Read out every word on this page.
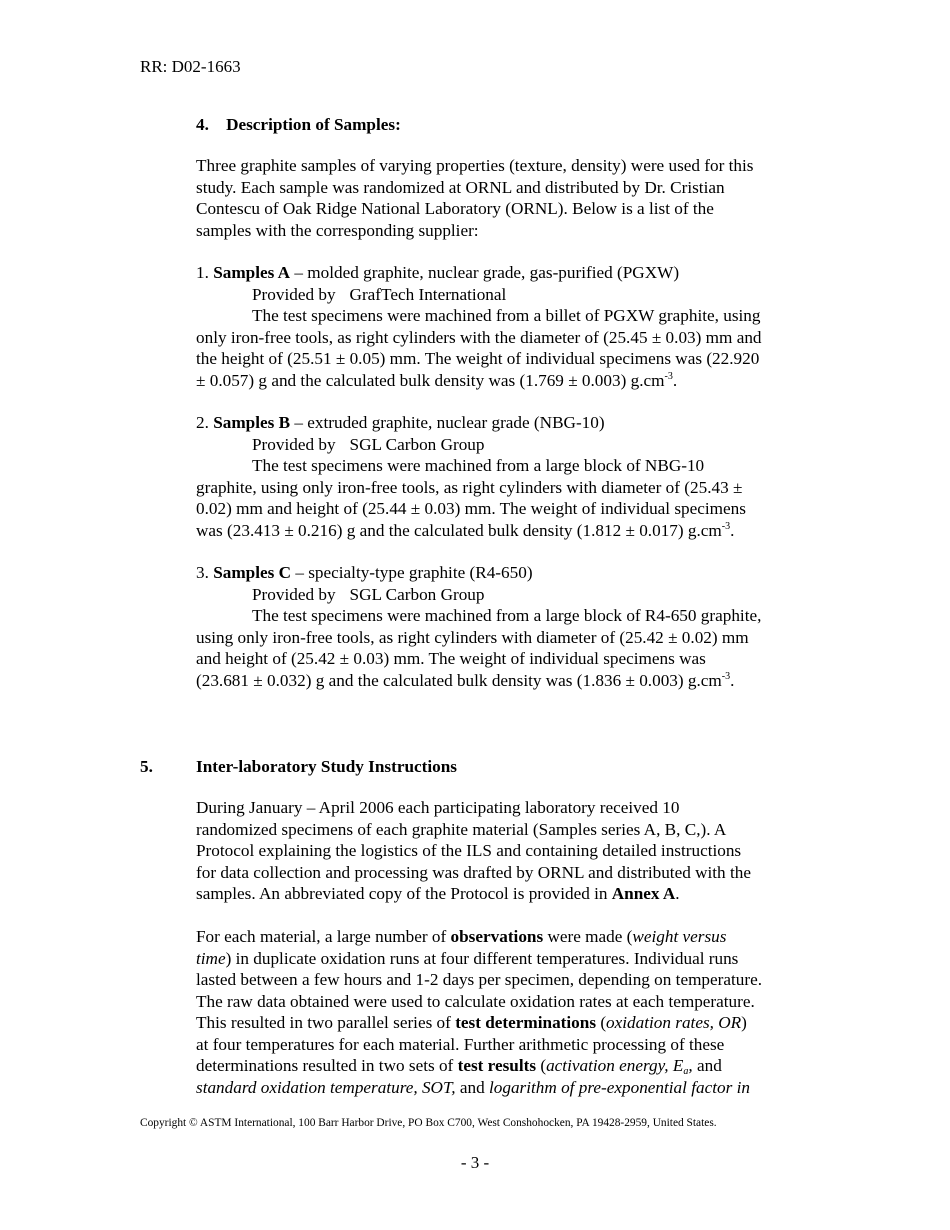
RR: D02-1663
4. Description of Samples:
Three graphite samples of varying properties (texture, density) were used for this
study. Each sample was randomized at ORNL and distributed by Dr. Cristian
Contescu of Oak Ridge National Laboratory (ORNL). Below is a list of the
samples with the corresponding supplier:
1. Samples A – molded graphite, nuclear grade, gas-purified (PGXW)
Provided by GrafTech International
The test specimens were machined from a billet of PGXW graphite, using
only iron-free tools, as right cylinders with the diameter of (25.45 ± 0.03) mm and
the height of (25.51 ± 0.05) mm. The weight of individual specimens was (22.920
± 0.057) g and the calculated bulk density was (1.769 ± 0.003) $g.cm^{-3}$.
2. Samples B – extruded graphite, nuclear grade (NBG-10)
Provided by SGL Carbon Group
The test specimens were machined from a large block of NBG-10
graphite, using only iron-free tools, as right cylinders with diameter of (25.43 ±
0.02) mm and height of (25.44 ± 0.03) mm. The weight of individual specimens
was (23.413 ± 0.216) g and the calculated bulk density (1.812 ± 0.017) $g.cm^{-3}$.
3. Samples C – specialty-type graphite (R4-650)
Provided by SGL Carbon Group
The test specimens were machined from a large block of R4-650 graphite,
using only iron-free tools, as right cylinders with diameter of (25.42 ± 0.02) mm
and height of (25.42 ± 0.03) mm. The weight of individual specimens was
(23.681 ± 0.032) g and the calculated bulk density was (1.836 ± 0.003) $g.cm^{-3}$.
5.	Inter-laboratory Study Instructions
During January – April 2006 each participating laboratory received 10
randomized specimens of each graphite material (Samples series A, B, C,). A
Protocol explaining the logistics of the ILS and containing detailed instructions
for data collection and processing was drafted by ORNL and distributed with the
samples. An abbreviated copy of the Protocol is provided in Annex A.
For each material, a large number of observations were made (weight versus
time) in duplicate oxidation runs at four different temperatures. Individual runs
lasted between a few hours and 1-2 days per specimen, depending on temperature.
The raw data obtained were used to calculate oxidation rates at each temperature.
This resulted in two parallel series of test determinations (oxidation rates, OR)
at four temperatures for each material. Further arithmetic processing of these
determinations resulted in two sets of test results (activation energy, $E_a$, and
standard oxidation temperature, SOT, and logarithm of pre-exponential factor in
Copyright © ASTM International, 100 Barr Harbor Drive, PO Box C700, West Conshohocken, PA 19428-2959, United States.
- 3 -
